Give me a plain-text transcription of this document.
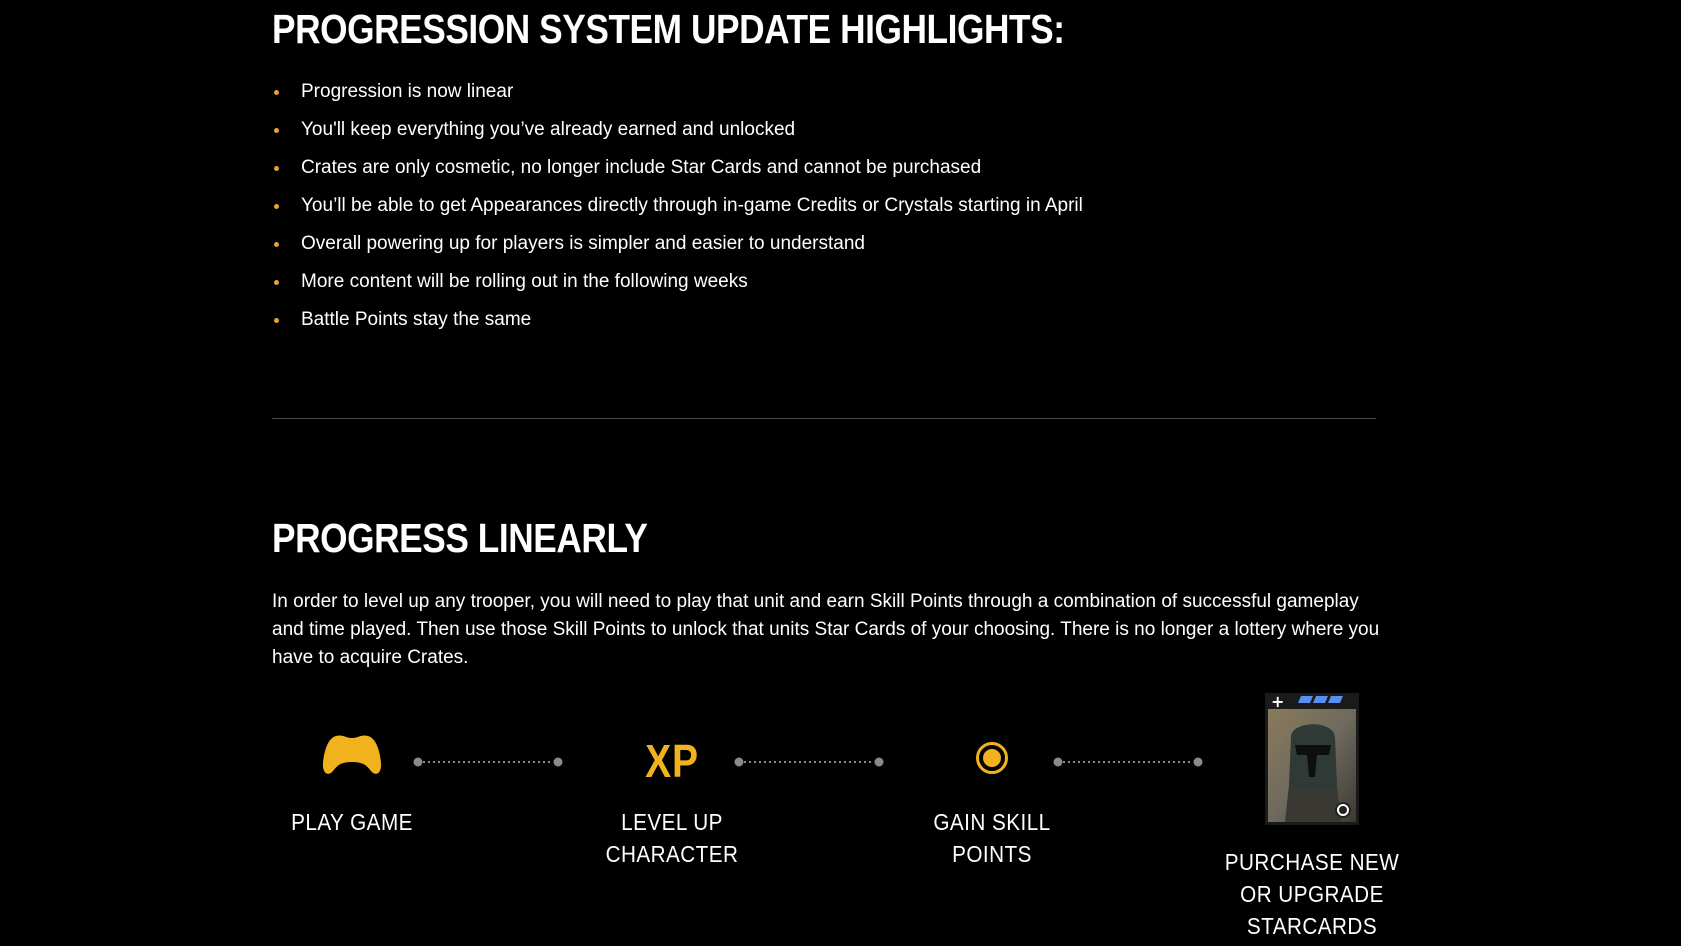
PROGRESSION SYSTEM UPDATE HIGHLIGHTS:
Progression is now linear
You'll keep everything you’ve already earned and unlocked
Crates are only cosmetic, no longer include Star Cards and cannot be purchased
You’ll be able to get Appearances directly through in-game Credits or Crystals starting in April
Overall powering up for players is simpler and easier to understand
More content will be rolling out in the following weeks
Battle Points stay the same
PROGRESS LINEARLY

In order to level up any trooper, you will need to play that unit and earn Skill Points through a combination of successful gameplay and time played. Then use those Skill Points to unlock that units Star Cards of your choosing. There is no longer a lottery where you have to acquire Crates.

PLAY GAME
XP
LEVEL UP
CHARACTER
GAIN SKILL
POINTS
+
PURCHASE NEW
OR UPGRADE
STARCARDS
